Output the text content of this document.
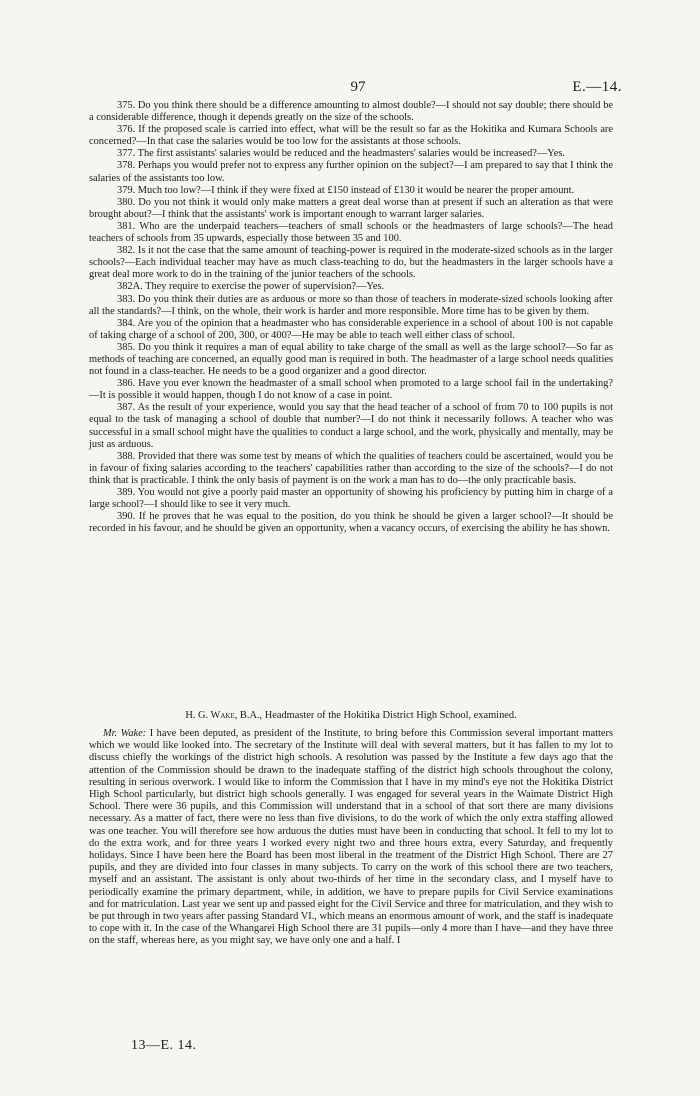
97	E.—14.

375. Do you think there should be a difference amounting to almost double?—I should not say double; there should be a considerable difference, though it depends greatly on the size of the schools.

376. If the proposed scale is carried into effect, what will be the result so far as the Hokitika and Kumara Schools are concerned?—In that case the salaries would be too low for the assistants at those schools.

377. The first assistants' salaries would be reduced and the headmasters' salaries would be increased?—Yes.

378. Perhaps you would prefer not to express any further opinion on the subject?—I am prepared to say that I think the salaries of the assistants too low.

379. Much too low?—I think if they were fixed at £150 instead of £130 it would be nearer the proper amount.

380. Do you not think it would only make matters a great deal worse than at present if such an alteration as that were brought about?—I think that the assistants' work is important enough to warrant larger salaries.

381. Who are the underpaid teachers—teachers of small schools or the headmasters of large schools?—The head teachers of schools from 35 upwards, especially those between 35 and 100.

382. Is it not the case that the same amount of teaching-power is required in the moderate-sized schools as in the larger schools?—Each individual teacher may have as much class-teaching to do, but the headmasters in the larger schools have a great deal more work to do in the training of the junior teachers of the schools.

382A. They require to exercise the power of supervision?—Yes.

383. Do you think their duties are as arduous or more so than those of teachers in moderate-sized schools looking after all the standards?—I think, on the whole, their work is harder and more responsible. More time has to be given by them.

384. Are you of the opinion that a headmaster who has considerable experience in a school of about 100 is not capable of taking charge of a school of 200, 300, or 400?—He may be able to teach well either class of school.

385. Do you think it requires a man of equal ability to take charge of the small as well as the large school?—So far as methods of teaching are concerned, an equally good man is required in both. The headmaster of a large school needs qualities not found in a class-teacher. He needs to be a good organizer and a good director.

386. Have you ever known the headmaster of a small school when promoted to a large school fail in the undertaking?—It is possible it would happen, though I do not know of a case in point.

387. As the result of your experience, would you say that the head teacher of a school of from 70 to 100 pupils is not equal to the task of managing a school of double that number?—I do not think it necessarily follows. A teacher who was successful in a small school might have the qualities to conduct a large school, and the work, physically and mentally, may be just as arduous.

388. Provided that there was some test by means of which the qualities of teachers could be ascertained, would you be in favour of fixing salaries according to the teachers' capabilities rather than according to the size of the schools?—I do not think that is practicable. I think the only basis of payment is on the work a man has to do—the only practicable basis.

389. You would not give a poorly paid master an opportunity of showing his proficiency by putting him in charge of a large school?—I should like to see it very much.

390. If he proves that he was equal to the position, do you think he should be given a larger school?—It should be recorded in his favour, and he should be given an opportunity, when a vacancy occurs, of exercising the ability he has shown.

H. G. Wake, B.A., Headmaster of the Hokitika District High School, examined.

Mr. Wake: I have been deputed, as president of the Institute, to bring before this Commission several important matters which we would like looked into. The secretary of the Institute will deal with several matters, but it has fallen to my lot to discuss chiefly the workings of the district high schools. A resolution was passed by the Institute a few days ago that the attention of the Commission should be drawn to the inadequate staffing of the district high schools throughout the colony, resulting in serious overwork. I would like to inform the Commission that I have in my mind's eye not the Hokitika District High School particularly, but district high schools generally. I was engaged for several years in the Waimate District High School. There were 36 pupils, and this Commission will understand that in a school of that sort there are many divisions necessary. As a matter of fact, there were no less than five divisions, to do the work of which the only extra staffing allowed was one teacher. You will therefore see how arduous the duties must have been in conducting that school. It fell to my lot to do the extra work, and for three years I worked every night two and three hours extra, every Saturday, and frequently holidays. Since I have been here the Board has been most liberal in the treatment of the District High School. There are 27 pupils, and they are divided into four classes in many subjects. To carry on the work of this school there are two teachers, myself and an assistant. The assistant is only about two-thirds of her time in the secondary class, and I myself have to periodically examine the primary department, while, in addition, we have to prepare pupils for Civil Service examinations and for matriculation. Last year we sent up and passed eight for the Civil Service and three for matriculation, and they wish to be put through in two years after passing Standard VI., which means an enormous amount of work, and the staff is inadequate to cope with it. In the case of the Whangarei High School there are 31 pupils—only 4 more than I have—and they have three on the staff, whereas here, as you might say, we have only one and a half. I

13—E. 14.
